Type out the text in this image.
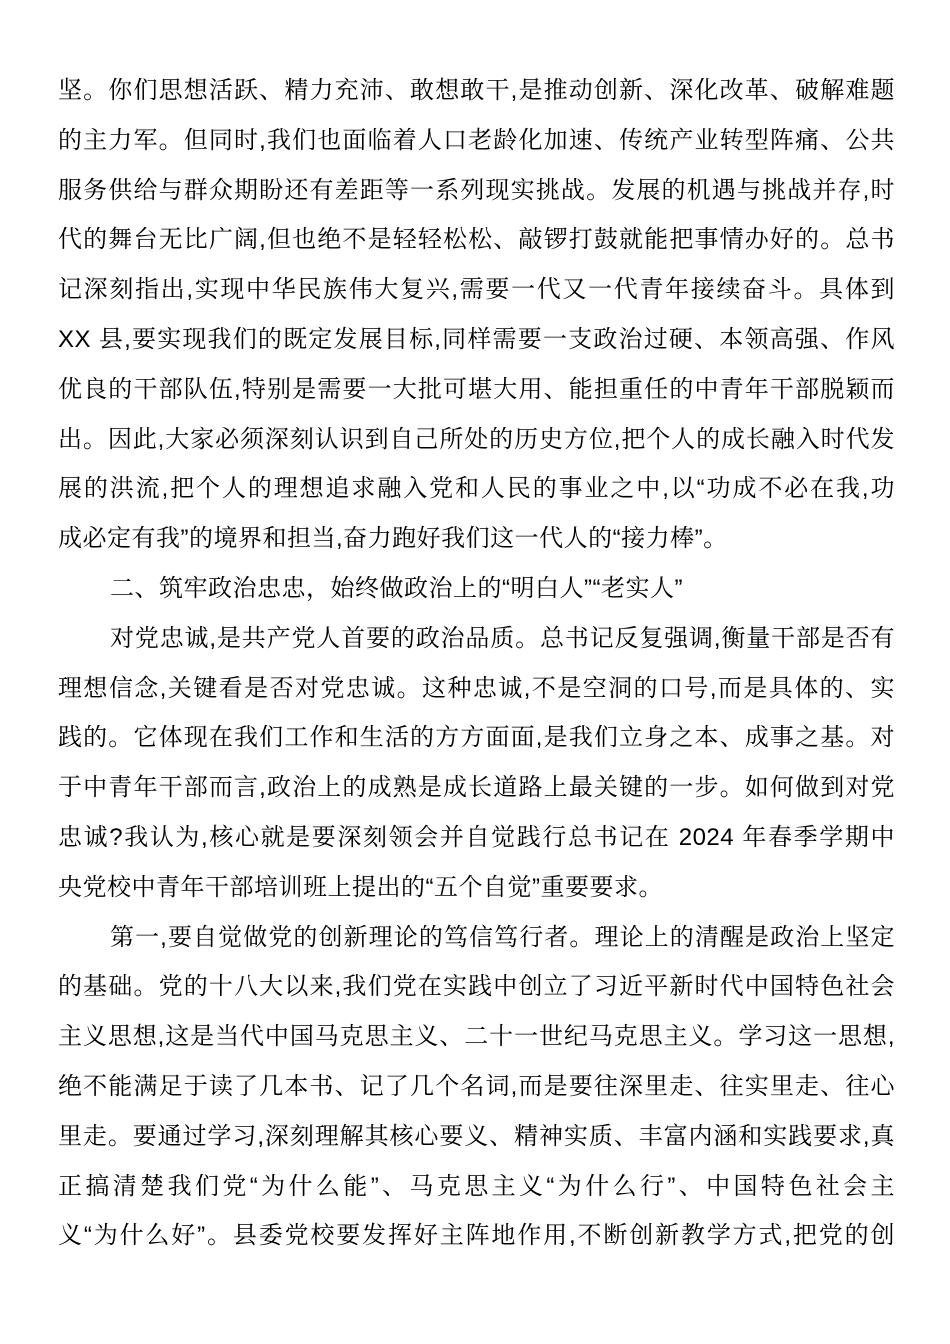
坚。你们思想活跃、精力充沛、敢想敢干,是推动创新、深化改革、破解难题
的主力军。但同时,我们也面临着人口老龄化加速、传统产业转型阵痛、公共
服务供给与群众期盼还有差距等一系列现实挑战。发展的机遇与挑战并存,时
代的舞台无比广阔,但也绝不是轻轻松松、敲锣打鼓就能把事情办好的。总书
记深刻指出,实现中华民族伟大复兴,需要一代又一代青年接续奋斗。具体到
XX 县,要实现我们的既定发展目标,同样需要一支政治过硬、本领高强、作风
优良的干部队伍,特别是需要一大批可堪大用、能担重任的中青年干部脱颖而
出。因此,大家必须深刻认识到自己所处的历史方位,把个人的成长融入时代发
展的洪流,把个人的理想追求融入党和人民的事业之中,以“功成不必在我,功
成必定有我”的境界和担当,奋力跑好我们这一代人的“接力棒”。
二、筑牢政治忠忠，始终做政治上的“明白人”“老实人”
对党忠诚,是共产党人首要的政治品质。总书记反复强调,衡量干部是否有
理想信念,关键看是否对党忠诚。这种忠诚,不是空洞的口号,而是具体的、实
践的。它体现在我们工作和生活的方方面面,是我们立身之本、成事之基。对
于中青年干部而言,政治上的成熟是成长道路上最关键的一步。如何做到对党
忠诚?我认为,核心就是要深刻领会并自觉践行总书记在 2024 年春季学期中
央党校中青年干部培训班上提出的“五个自觉”重要要求。
第一,要自觉做党的创新理论的笃信笃行者。理论上的清醒是政治上坚定
的基础。党的十八大以来,我们党在实践中创立了习近平新时代中国特色社会
主义思想,这是当代中国马克思主义、二十一世纪马克思主义。学习这一思想,
绝不能满足于读了几本书、记了几个名词,而是要往深里走、往实里走、往心
里走。要通过学习,深刻理解其核心要义、精神实质、丰富内涵和实践要求,真
正搞清楚我们党“为什么能”、马克思主义“为什么行”、中国特色社会主
义“为什么好”。县委党校要发挥好主阵地作用,不断创新教学方式,把党的创
